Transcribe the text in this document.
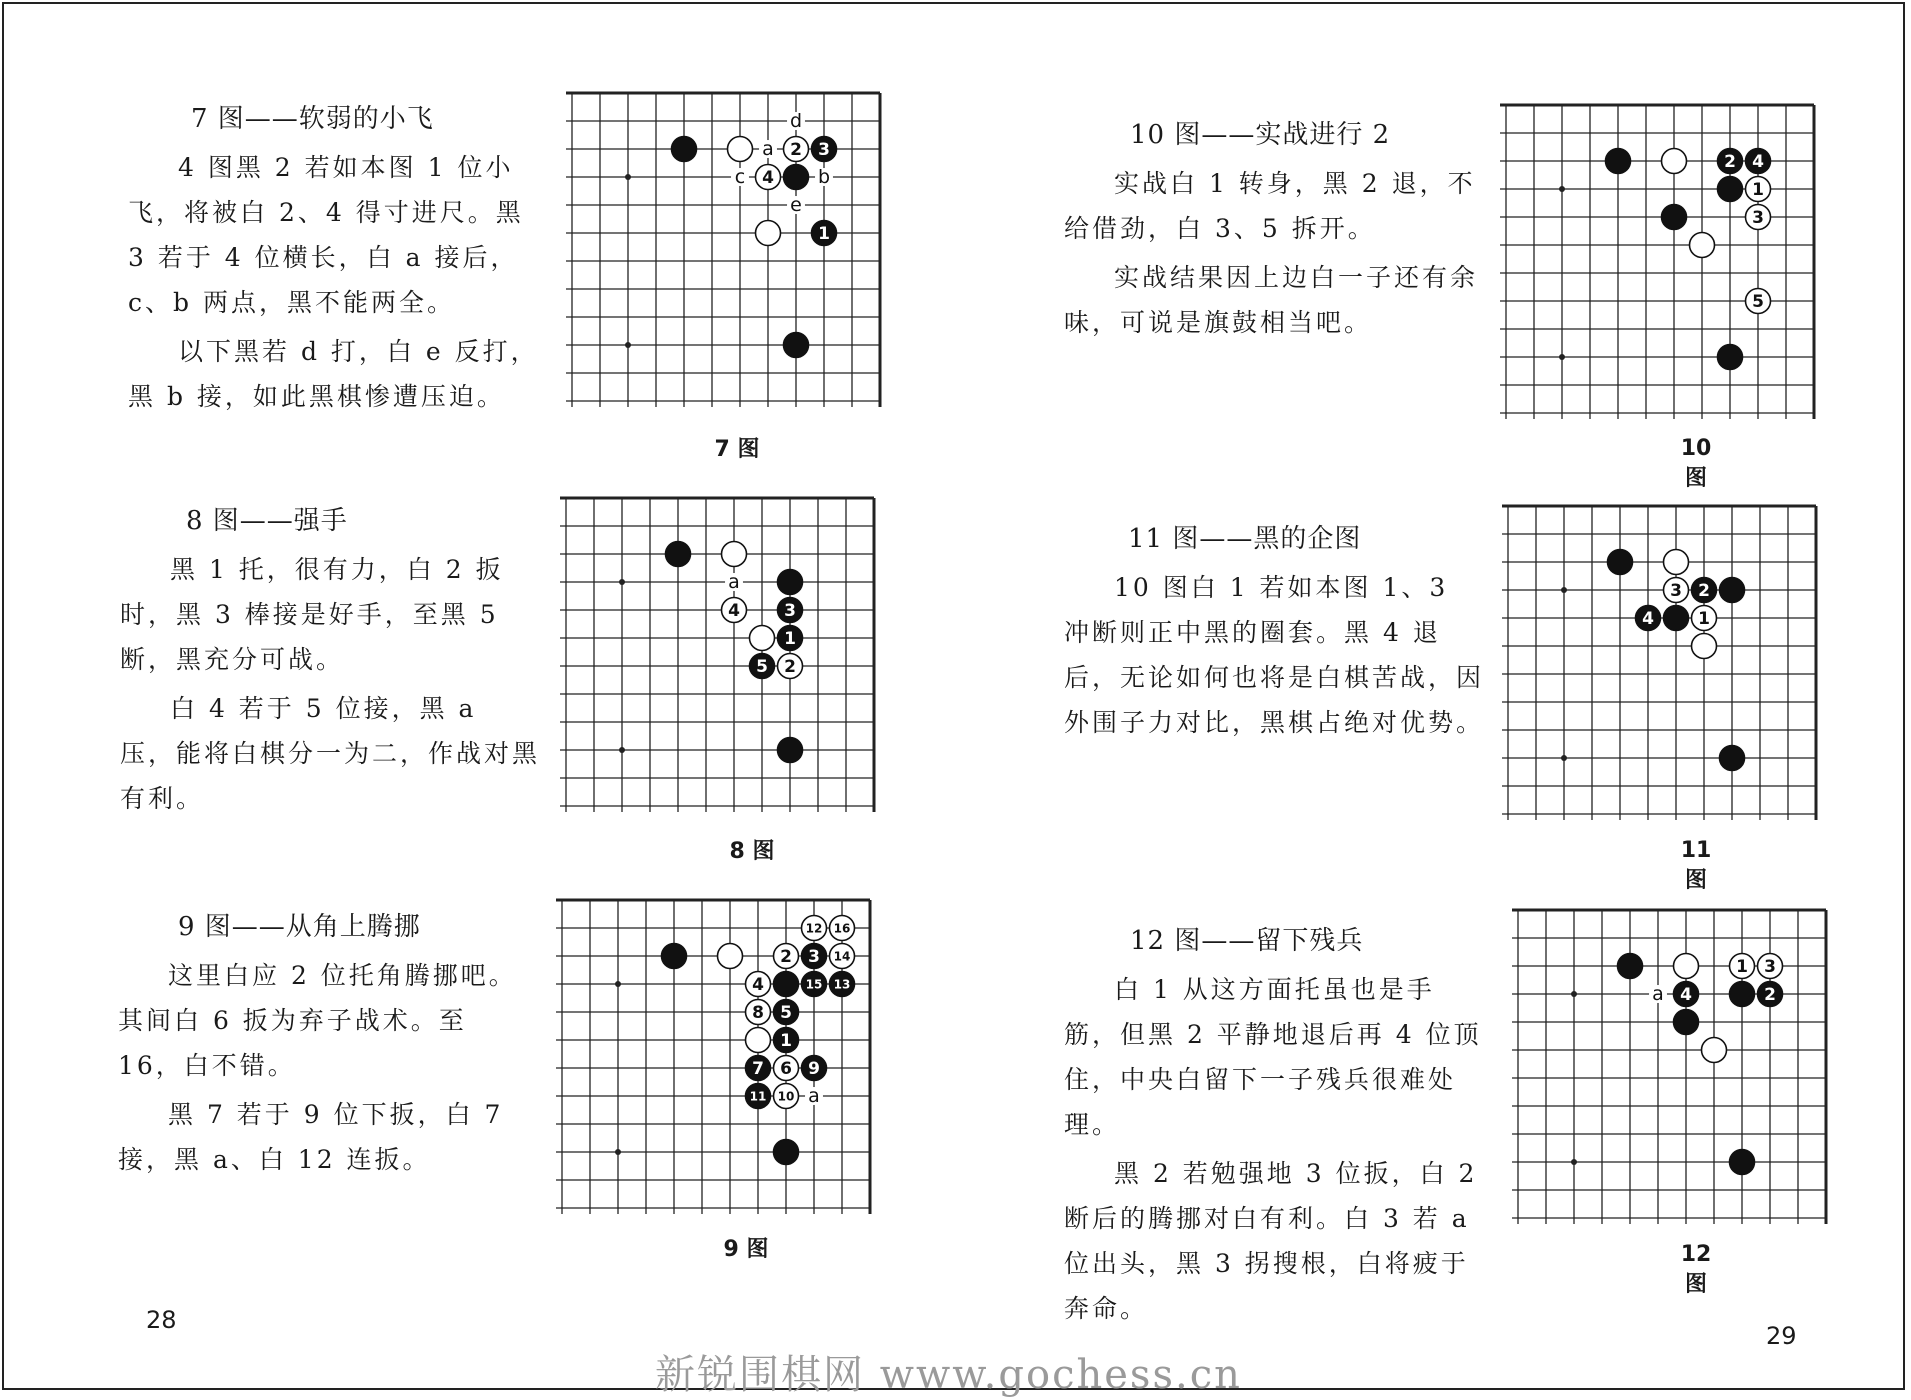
7 图——软弱的小飞

4 图黑 2 若如本图 1 位小飞，将被白 2、4 得寸进尺。黑 3 若于 4 位横长，白 a 接后，c、b 两点，黑不能两全。

以下黑若 d 打，白 e 反打，黑 b 接，如此黑棋惨遭压迫。

d
a
c	b
e
2 3
4
1
7 图
8 图——强手

黑 1 托，很有力，白 2 扳时，黑 3 棒接是好手，至黑 5 断，黑充分可战。

白 4 若于 5 位接，黑 a 压，能将白棋分一为二，作战对黑有利。

a
4	3
1
5 2
8 图
9 图——从角上腾挪

这里白应 2 位托角腾挪吧。其间白 6 扳为弃子战术。至 16，白不错。

黑 7 若于 9 位下扳，白 7 接，黑 a、白 12 连扳。

a
12 16
2 3 14
4	15 13
8 5
1
7 6 9
11 10
9 图
10 图——实战进行 2

实战白 1 转身，黑 2 退，不给借劲，白 3、5 拆开。

实战结果因上边白一子还有余味，可说是旗鼓相当吧。

2 4
1
3
5
10 图
11 图——黑的企图

10 图白 1 若如本图 1、3 冲断则正中黑的圈套。黑 4 退后，无论如何也将是白棋苦战，因外围子力对比，黑棋占绝对优势。

3 2
4	1
11 图
12 图——留下残兵

白 1 从这方面托虽也是手筋，但黑 2 平静地退后再 4 位顶住，中央白留下一子残兵很难处理。

黑 2 若勉强地 3 位扳，白 2 断后的腾挪对白有利。白 3 若 a 位出头，黑 3 拐搜根，白将疲于奔命。

a
1 3
4	2
12 图
28
29
新锐围棋网 www.gochess.cn
